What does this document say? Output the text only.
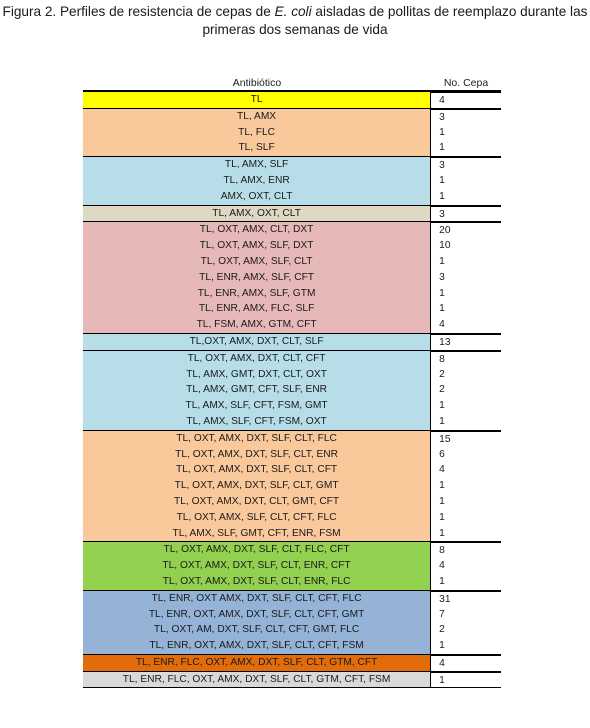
Figura 2. Perfiles de resistencia de cepas de E. coli aisladas de pollitas de reemplazo durante las primeras dos semanas de vida
Antibiótico	No. Cepa
TL	4
TL, AMX	3
TL, FLC	1
TL, SLF	1
TL, AMX, SLF	3
TL, AMX, ENR	1
AMX, OXT, CLT	1
TL, AMX, OXT, CLT	3
TL, OXT, AMX, CLT, DXT	20
TL, OXT, AMX, SLF, DXT	10
TL, OXT, AMX, SLF, CLT	1
TL, ENR, AMX, SLF, CFT	3
TL, ENR, AMX, SLF, GTM	1
TL, ENR, AMX, FLC, SLF	1
TL, FSM, AMX, GTM, CFT	4
TL,OXT, AMX, DXT, CLT, SLF	13
TL, OXT, AMX, DXT, CLT, CFT	8
TL, AMX, GMT, DXT, CLT, OXT	2
TL, AMX, GMT, CFT, SLF, ENR	2
TL, AMX, SLF, CFT, FSM, GMT	1
TL, AMX, SLF, CFT, FSM, OXT	1
TL, OXT, AMX, DXT, SLF, CLT, FLC	15
TL, OXT, AMX, DXT, SLF, CLT, ENR	6
TL, OXT, AMX, DXT, SLF, CLT, CFT	4
TL, OXT, AMX, DXT, SLF, CLT, GMT	1
TL, OXT, AMX, DXT, CLT, GMT, CFT	1
TL, OXT, AMX, SLF, CLT, CFT, FLC	1
TL, AMX, SLF, GMT, CFT, ENR, FSM	1
TL, OXT, AMX, DXT, SLF, CLT, FLC, CFT	8
TL, OXT, AMX, DXT, SLF, CLT, ENR, CFT	4
TL, OXT, AMX, DXT, SLF, CLT, ENR, FLC	1
TL, ENR, OXT AMX, DXT, SLF, CLT, CFT, FLC	31
TL, ENR, OXT, AMX, DXT, SLF, CLT, CFT, GMT	7
TL, OXT, AM, DXT, SLF, CLT, CFT, GMT, FLC	2
TL, ENR, OXT, AMX, DXT, SLF, CLT, CFT, FSM	1
TL, ENR, FLC, OXT, AMX, DXT, SLF, CLT, GTM, CFT	4
TL, ENR, FLC, OXT, AMX, DXT, SLF, CLT, GTM, CFT, FSM	1
